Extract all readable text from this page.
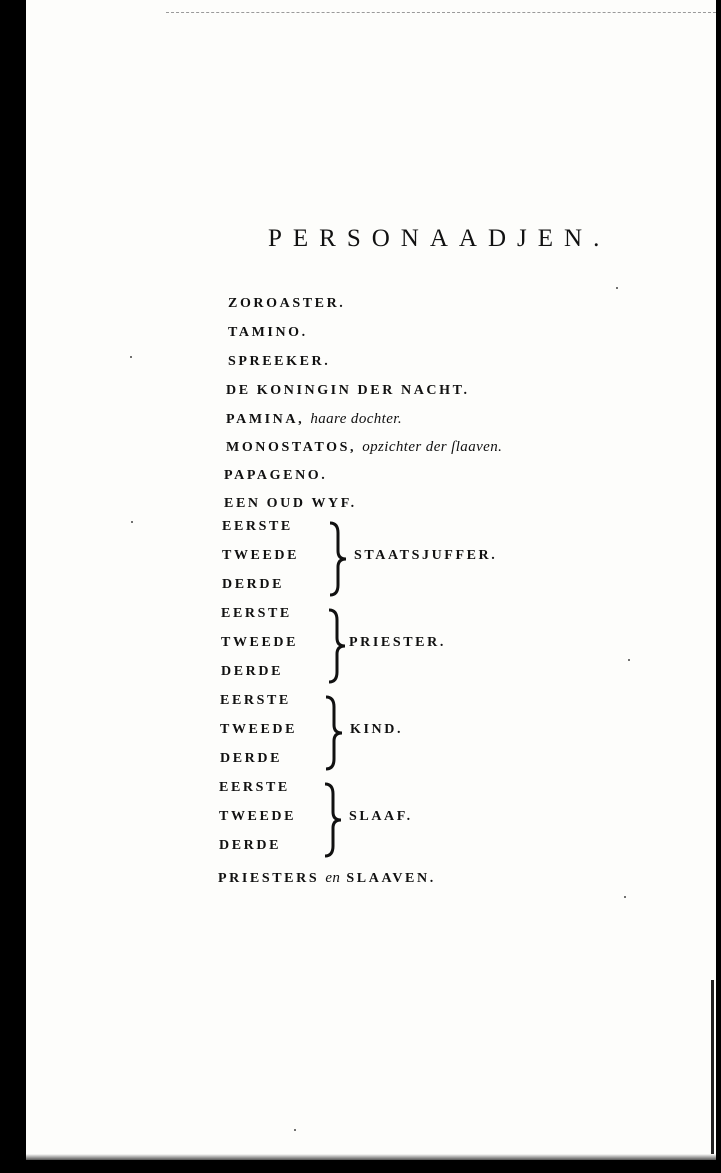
PERSONAADJEN.
ZOROASTER.
TAMINO.
SPREEKER.
DE KONINGIN DER NACHT.
PAMINA, haare dochter.
MONOSTATOS, opzichter der ſlaaven.
PAPAGENO.
EEN OUD WYF.
EERSTE
TWEEDE
DERDE
STAATSJUFFER.
EERSTE
TWEEDE
DERDE
PRIESTER.
EERSTE
TWEEDE
DERDE
KIND.
EERSTE
TWEEDE
DERDE
SLAAF.
PRIESTERS en SLAAVEN.
